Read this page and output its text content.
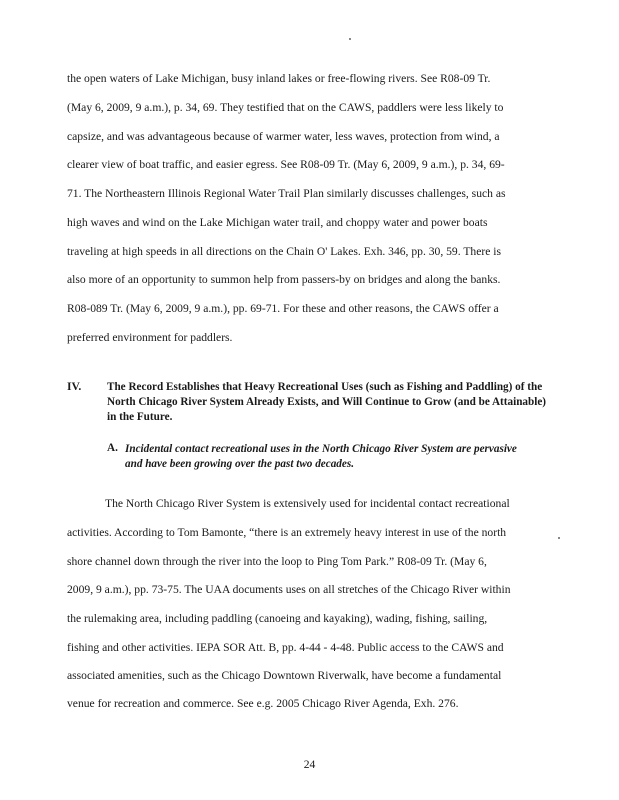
the open waters of Lake Michigan, busy inland lakes or free-flowing rivers. See R08-09 Tr.
(May 6, 2009, 9 a.m.), p. 34, 69. They testified that on the CAWS, paddlers were less likely to
capsize, and was advantageous because of warmer water, less waves, protection from wind, a
clearer view of boat traffic, and easier egress. See R08-09 Tr. (May 6, 2009, 9 a.m.), p. 34, 69-
71. The Northeastern Illinois Regional Water Trail Plan similarly discusses challenges, such as
high waves and wind on the Lake Michigan water trail, and choppy water and power boats
traveling at high speeds in all directions on the Chain O' Lakes. Exh. 346, pp. 30, 59. There is
also more of an opportunity to summon help from passers-by on bridges and along the banks.
R08-089 Tr. (May 6, 2009, 9 a.m.), pp. 69-71. For these and other reasons, the CAWS offer a
preferred environment for paddlers.
IV. The Record Establishes that Heavy Recreational Uses (such as Fishing and Paddling) of the North Chicago River System Already Exists, and Will Continue to Grow (and be Attainable) in the Future.
A. Incidental contact recreational uses in the North Chicago River System are pervasive and have been growing over the past two decades.
The North Chicago River System is extensively used for incidental contact recreational
activities. According to Tom Bamonte, “there is an extremely heavy interest in use of the north
shore channel down through the river into the loop to Ping Tom Park.” R08-09 Tr. (May 6,
2009, 9 a.m.), pp. 73-75. The UAA documents uses on all stretches of the Chicago River within
the rulemaking area, including paddling (canoeing and kayaking), wading, fishing, sailing,
fishing and other activities. IEPA SOR Att. B, pp. 4-44 - 4-48. Public access to the CAWS and
associated amenities, such as the Chicago Downtown Riverwalk, have become a fundamental
venue for recreation and commerce. See e.g. 2005 Chicago River Agenda, Exh. 276.
24
